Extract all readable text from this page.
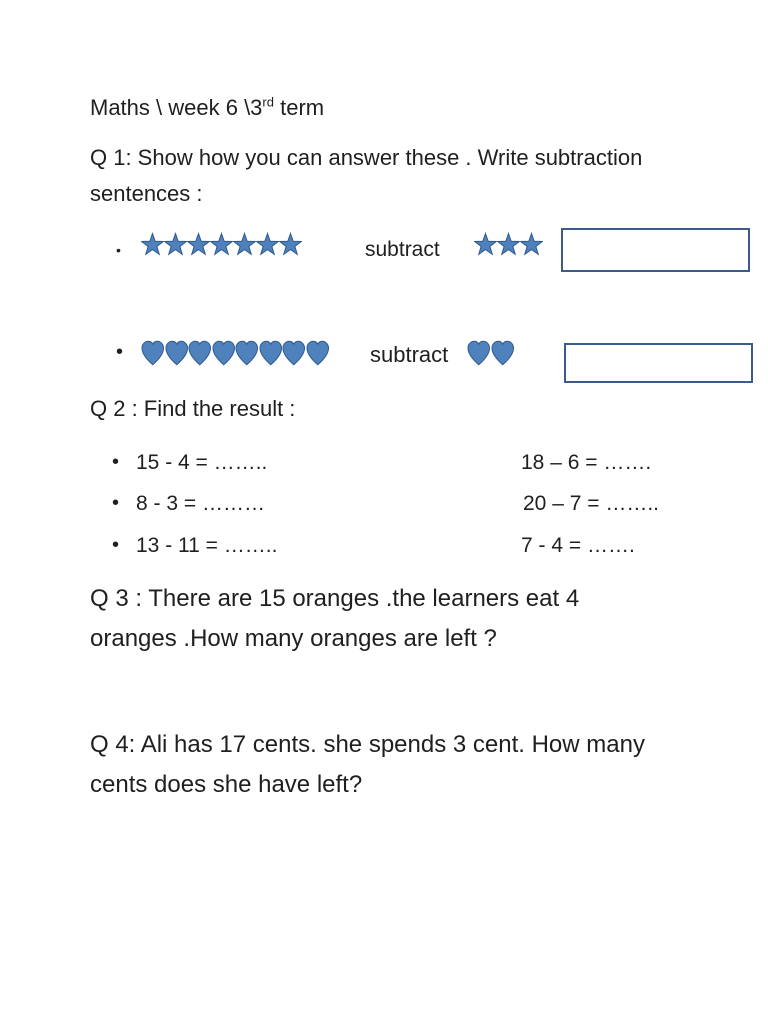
Maths \ week 6 \3rd term
Q 1: Show how you can answer these . Write subtraction
sentences :
•	subtract
•	subtract
Q 2 : Find the result :
• 15 - 4 = ……..	18 – 6 = …….
• 8 - 3 = ………	20 – 7 = ……..
• 13 - 11 = ……..	7 - 4 = …….
Q 3 : There are 15 oranges .the learners eat 4
oranges .How many oranges are left ?
Q 4: Ali has 17 cents. she spends 3 cent. How many
cents does she have left?
